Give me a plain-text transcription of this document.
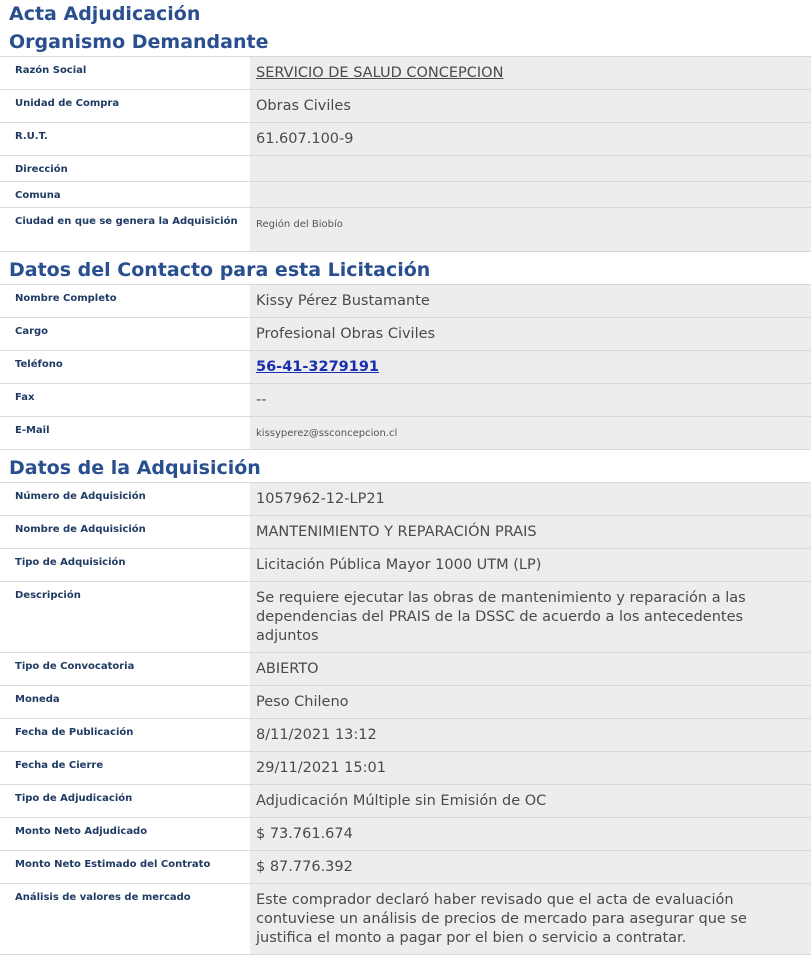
Acta Adjudicación
Organismo Demandante
Razón Social	SERVICIO DE SALUD CONCEPCION
Unidad de Compra	Obras Civiles
R.U.T.	61.607.100-9
Dirección	
Comuna	
Ciudad en que se genera la Adquisición	Región del Biobío
Datos del Contacto para esta Licitación
Nombre Completo	Kissy Pérez Bustamante
Cargo	Profesional Obras Civiles
Teléfono	56-41-3279191
Fax	--
E-Mail	kissyperez@ssconcepcion.cl
Datos de la Adquisición
Número de Adquisición	1057962-12-LP21
Nombre de Adquisición	MANTENIMIENTO Y REPARACIÓN PRAIS
Tipo de Adquisición	Licitación Pública Mayor 1000 UTM (LP)
Descripción	Se requiere ejecutar las obras de mantenimiento y reparación a las dependencias del PRAIS de la DSSC de acuerdo a los antecedentes adjuntos
Tipo de Convocatoria	ABIERTO
Moneda	Peso Chileno
Fecha de Publicación	8/11/2021 13:12
Fecha de Cierre	29/11/2021 15:01
Tipo de Adjudicación	Adjudicación Múltiple sin Emisión de OC
Monto Neto Adjudicado	$ 73.761.674
Monto Neto Estimado del Contrato	$ 87.776.392
Análisis de valores de mercado	Este comprador declaró haber revisado que el acta de evaluación contuviese un análisis de precios de mercado para asegurar que se justifica el monto a pagar por el bien o servicio a contratar.
